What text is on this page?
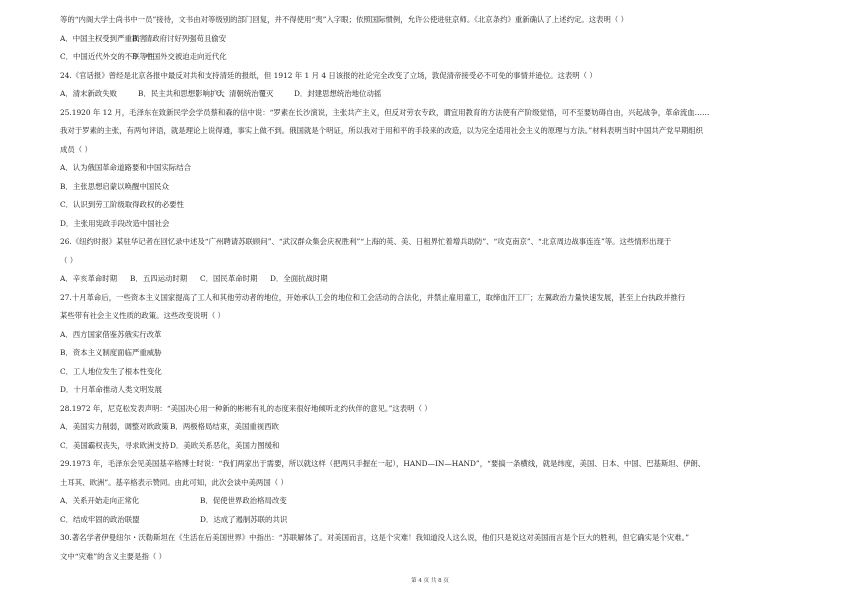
等的“内阁大学士尚书中一员”接待，文书由对等级别的部门回复，并不得使用“夷”入字眼；依照国际惯例，允许公使进驻京师。《北京条约》重新确认了上述约定。这表明（ ）
A．中国主权受到严重损害
B．清政府讨好列强苟且偷安
C．中国近代外交的不平等性
D．中国外交被迫走向近代化
24.《官话报》曾经是北京各报中最反对共和支持清廷的报纸，但 1912 年 1 月 4 日该报的社论完全改变了立场，敦促清帝接受必不可免的事情并逊位。这表明（ ）
A．清末新政失败	B．民主共和思想影响扩大
C．清朝统治覆灭	D．封建思想统治地位动摇
25.1920 年 12 月，毛泽东在致新民学会学员蔡和森的信中说：“罗素在长沙演说，主张共产主义，但反对劳农专政，谓宜用教育的方法使有产阶级觉悟，可不至要妨碍自由，兴起战争，革命流血……
我对于罗素的主张，有两句评语，就是理论上说得通，事实上做不到。俄国就是个明证，所以我对于用和平的手段来的改造，以为完全适用社会主义的原理与方法。”材料表明当时中国共产党早期组织
成员（ ）
A．认为俄国革命道路要和中国实际结合
B．主张思想启蒙以唤醒中国民众
C．认识到劳工阶级取得政权的必要性
D．主张用宪政手段改造中国社会
26.《纽约时报》某驻华记者在回忆录中述及“广州聘请苏联顾问”、“武汉群众集会庆祝胜利”“上海的英、美、日租界忙着增兵助防”、“攻克南京”、“北京周边战事连连”等。这些情形出现于
（ ）
A．辛亥革命时期	B．五四运动时期	C．国民革命时期	D．全面抗战时期
27.十月革命后，一些资本主义国家提高了工人和其他劳动者的地位，开始承认工会的地位和工会活动的合法化，并禁止雇用童工，取缔血汗工厂；左翼政治力量快速发展，甚至上台执政并推行
某些带有社会主义性质的政策。这些改变说明（ ）
A．西方国家借鉴苏俄实行改革
B．资本主义制度面临严重威胁
C．工人地位发生了根本性变化
D．十月革命推动人类文明发展
28.1972 年，尼克松发表声明：“美国决心用一种新的彬彬有礼的态度来很好地倾听北约伙伴的意见。”这表明（ ）
A．美国实力削弱，调整对欧政策 B．两极格局结束，美国重视西欧
C．美国霸权丧失，寻求欧洲支持 D．美欧关系恶化，美国力图缓和
29.1973 年，毛泽东会见美国基辛格博士时说：“我们两家出于需要，所以就这样（把两只手握在一起），HAND—IN—HAND”，“要搞一条横线，就是纬度，美国、日本、中国、巴基斯坦、伊朗、
土耳其、欧洲”。基辛格表示赞同。由此可知，此次会谈中美两国（ ）
A．关系开始走向正常化	B．促使世界政治格局改变
C．结成牢固的政治联盟	D．达成了遏制苏联的共识
30.著名学者伊曼纽尔・沃勒斯坦在《生活在后美国世界》中指出：“苏联解体了。对美国而言，这是个灾难！我知道没人这么说，他们只是说这对美国而言是个巨大的胜利，但它确实是个灾难。”
文中“灾难”的含义主要是指（ ）
第 4 页 共 8 页
